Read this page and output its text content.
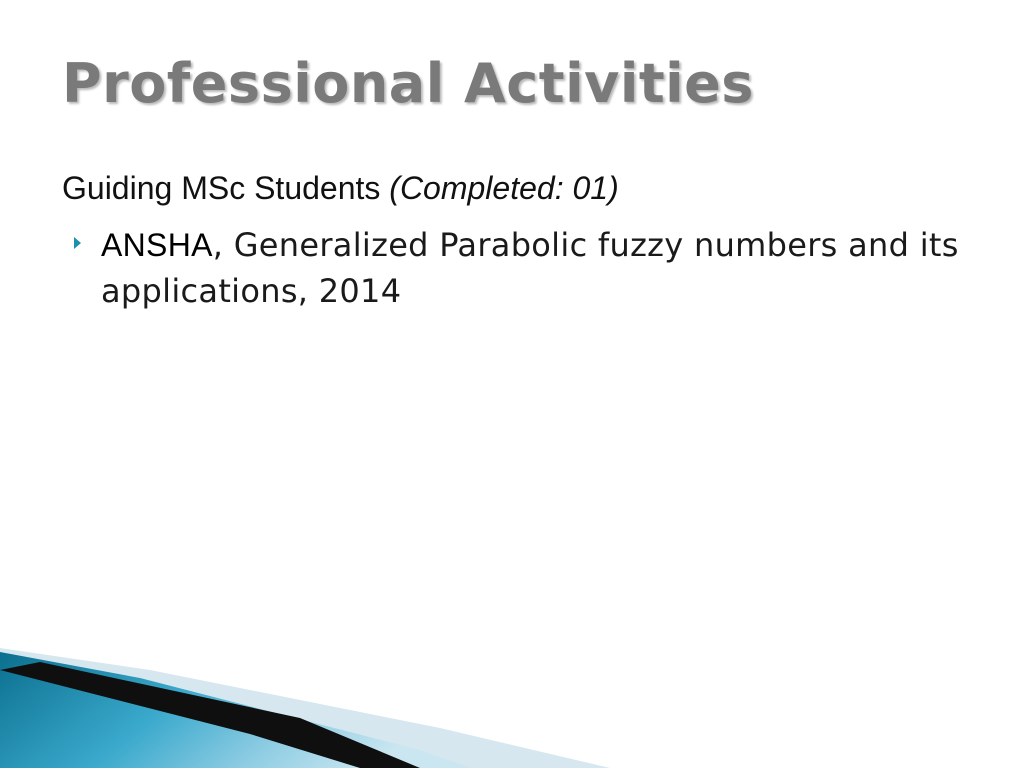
Professional Activities

Guiding MSc Students (Completed: 01)

ANSHA, Generalized Parabolic fuzzy numbers and its applications, 2014
